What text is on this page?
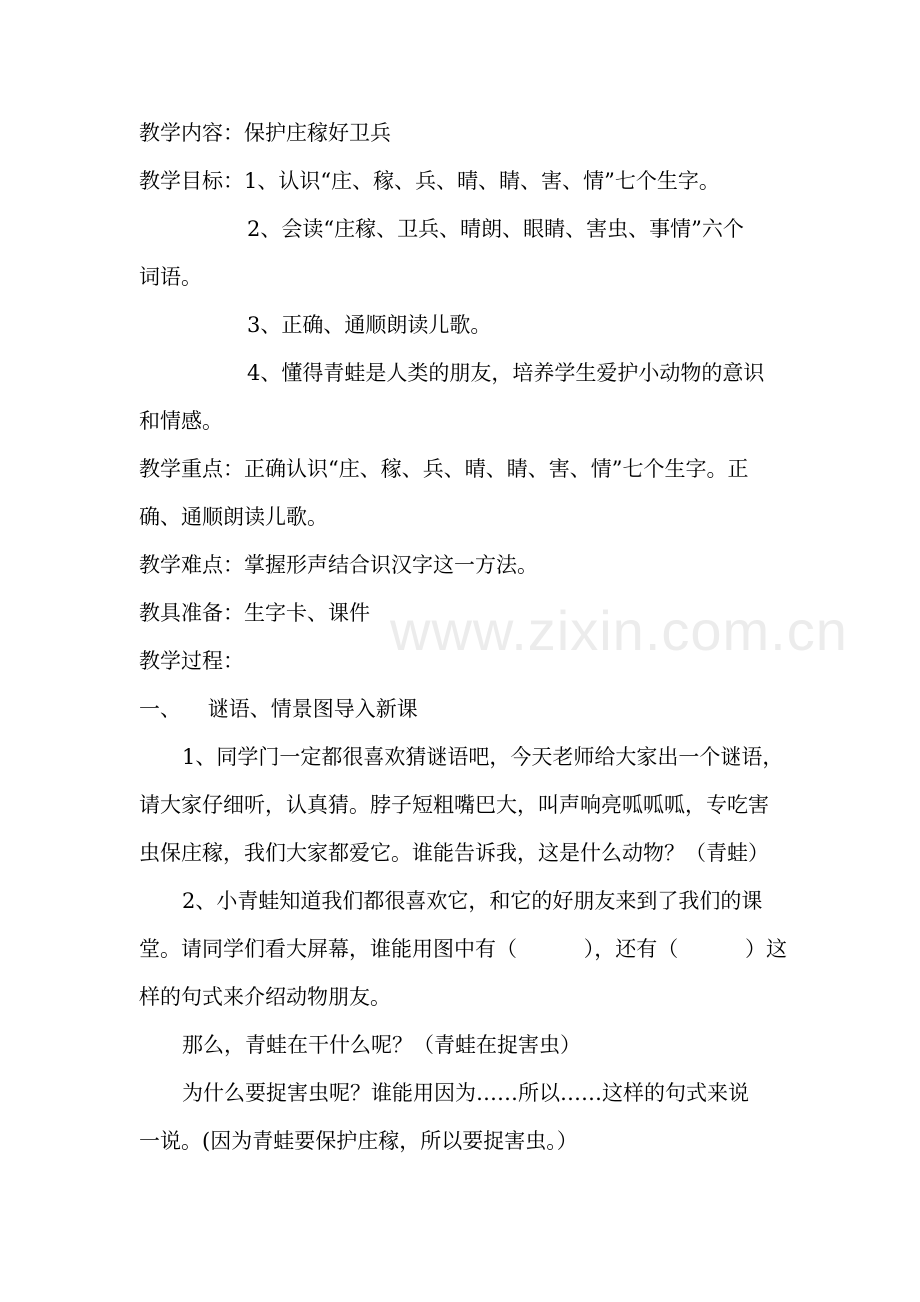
www.zixin.com.cn
教学内容：保护庄稼好卫兵
教学目标：1、认识“庄、稼、兵、晴、睛、害、情”七个生字。
2、会读“庄稼、卫兵、晴朗、眼睛、害虫、事情”六个
词语。
3、正确、通顺朗读儿歌。
4、懂得青蛙是人类的朋友，培养学生爱护小动物的意识
和情感。
教学重点：正确认识“庄、稼、兵、晴、睛、害、情”七个生字。正
确、通顺朗读儿歌。
教学难点：掌握形声结合识汉字这一方法。
教具准备：生字卡、课件
教学过程：
一、    谜语、情景图导入新课
1、同学门一定都很喜欢猜谜语吧，今天老师给大家出一个谜语，
请大家仔细听，认真猜。脖子短粗嘴巴大，叫声响亮呱呱呱，专吃害
虫保庄稼，我们大家都爱它。谁能告诉我，这是什么动物？（青蛙）
2、小青蛙知道我们都很喜欢它，和它的好朋友来到了我们的课
堂。请同学们看大屏幕，谁能用图中有（          ），还有（          ）这
样的句式来介绍动物朋友。
那么，青蛙在干什么呢？（青蛙在捉害虫）
为什么要捉害虫呢？谁能用因为……所以……这样的句式来说
一说。(因为青蛙要保护庄稼，所以要捉害虫。）
